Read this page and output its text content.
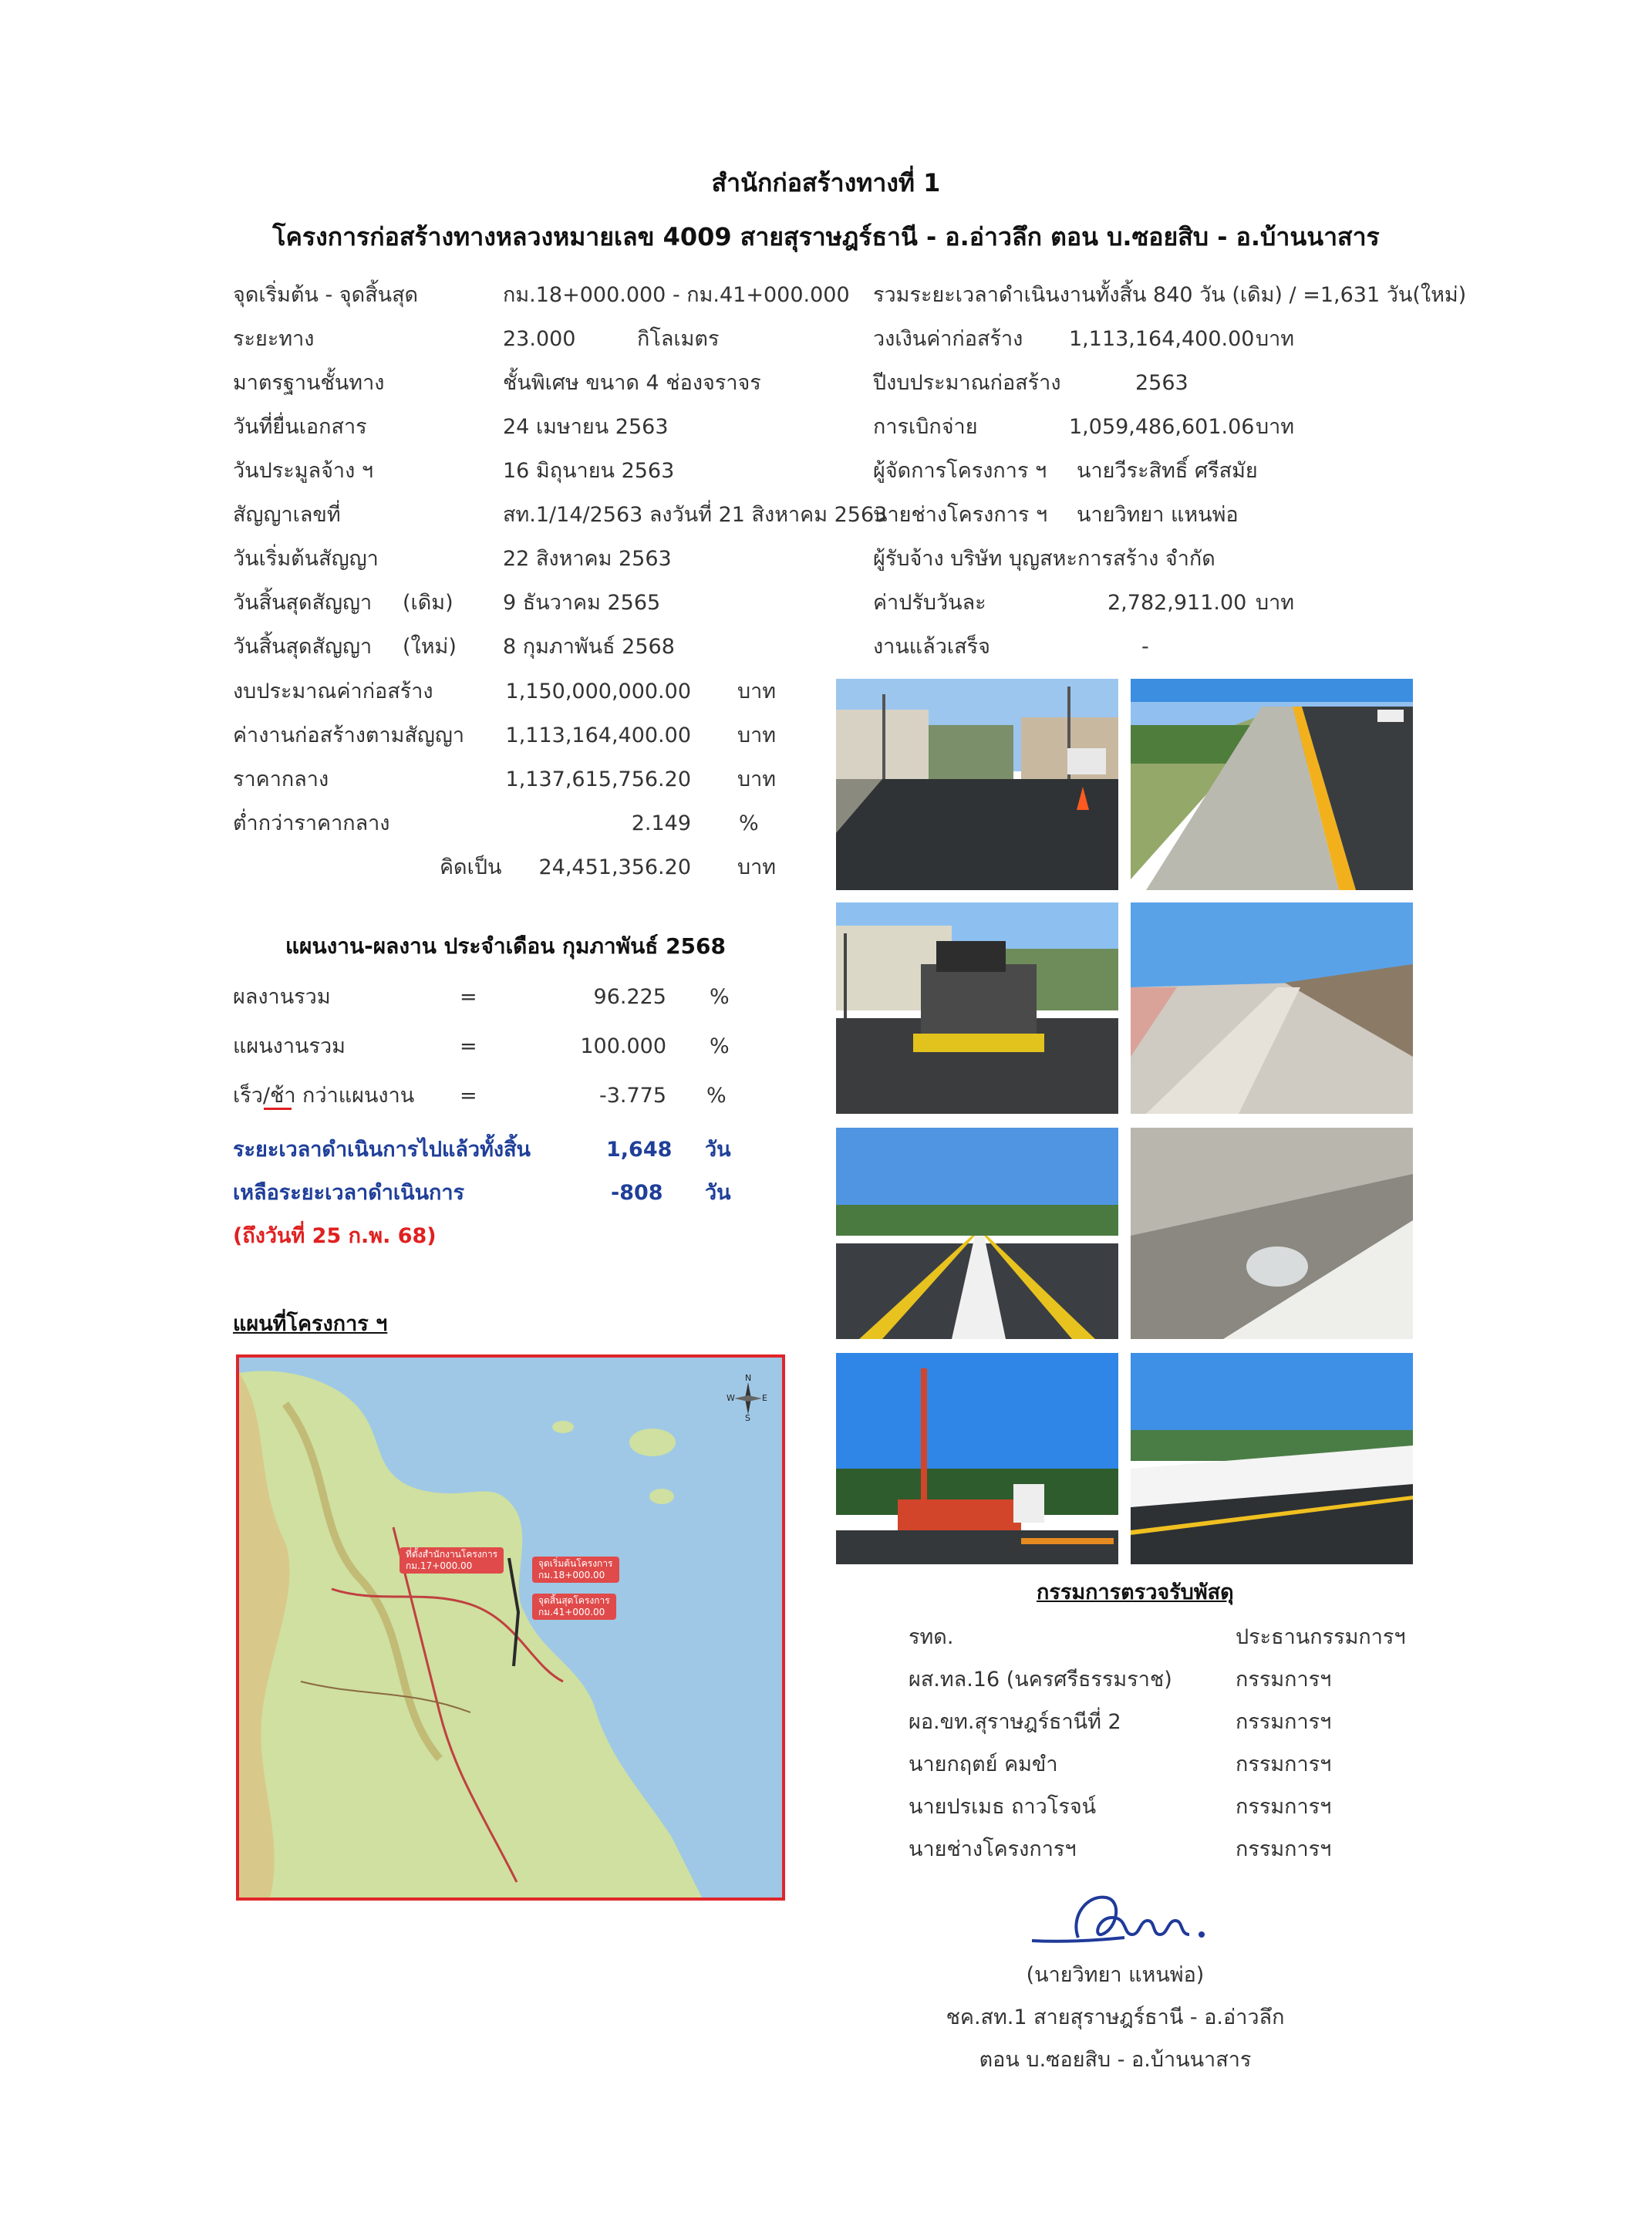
สำนักก่อสร้างทางที่ 1
โครงการก่อสร้างทางหลวงหมายเลข 4009 สายสุราษฎร์ธานี - อ.อ่าวลึก ตอน บ.ซอยสิบ - อ.บ้านนาสาร
จุดเริ่มต้น - จุดสิ้นสุด	กม.18+000.000 - กม.41+000.000
ระยะทาง	23.000	กิโลเมตร
มาตรฐานชั้นทาง	ชั้นพิเศษ ขนาด 4 ช่องจราจร
วันที่ยื่นเอกสาร	24 เมษายน 2563
วันประมูลจ้าง ฯ	16 มิถุนายน 2563
สัญญาเลขที่	สท.1/14/2563 ลงวันที่ 21 สิงหาคม 2563
วันเริ่มต้นสัญญา	22 สิงหาคม 2563
วันสิ้นสุดสัญญา (เดิม) 9 ธันวาคม 2565
วันสิ้นสุดสัญญา (ใหม่) 8 กุมภาพันธ์ 2568
รวมระยะเวลาดำเนินงานทั้งสิ้น 840 วัน (เดิม) / =1,631 วัน(ใหม่)
วงเงินค่าก่อสร้าง 1,113,164,400.00 บาท
ปีงบประมาณก่อสร้าง	2563
การเบิกจ่าย	1,059,486,601.06 บาท
ผู้จัดการโครงการ ฯ นายวีระสิทธิ์ ศรีสมัย
นายช่างโครงการ ฯ นายวิทยา แหนพ่อ
ผู้รับจ้าง บริษัท บุญสหะการสร้าง จำกัด
ค่าปรับวันละ	2,782,911.00 บาท
งานแล้วเสร็จ	-
งบประมาณค่าก่อสร้าง	1,150,000,000.00 บาท
ค่างานก่อสร้างตามสัญญา	1,113,164,400.00 บาท
ราคากลาง	1,137,615,756.20 บาท
ต่ำกว่าราคากลาง	2.149 %
คิดเป็น	24,451,356.20 บาท
แผนงาน-ผลงาน ประจำเดือน กุมภาพันธ์ 2568
ผลงานรวม	=	96.225 %
แผนงานรวม	=	100.000 %
เร็ว/ช้า กว่าแผนงาน =	-3.775 %
ระยะเวลาดำเนินการไปแล้วทั้งสิ้น	1,648 วัน
เหลือระยะเวลาดำเนินการ	-808 วัน
(ถึงวันที่ 25 ก.พ. 68)
แผนที่โครงการ ฯ
ที่ตั้งสำนักงานโครงการ
กม.17+000.00	จุดเริ่มต้นโครงการ
กม.18+000.00
จุดสิ้นสุดโครงการ
กม.41+000.00
N
S
E
W
กรรมการตรวจรับพัสดุ
รทด.	ประธานกรรมการฯ
ผส.ทล.16 (นครศรีธรรมราช)	กรรมการฯ
ผอ.ขท.สุราษฎร์ธานีที่ 2	กรรมการฯ
นายกฤตย์ คมขำ	กรรมการฯ
นายปรเมธ ถาวโรจน์	กรรมการฯ
นายช่างโครงการฯ	กรรมการฯ
(นายวิทยา แหนพ่อ)
ชค.สท.1 สายสุราษฎร์ธานี - อ.อ่าวลึก
ตอน บ.ซอยสิบ - อ.บ้านนาสาร
